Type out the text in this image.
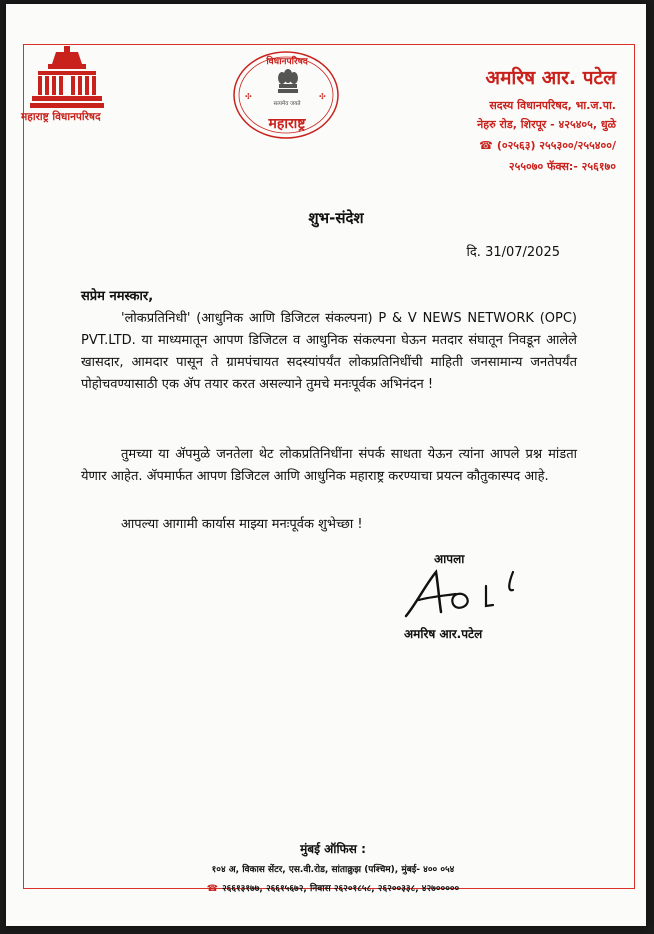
महाराष्ट्र विधानपरिषद
✣	✣
विधानपरिषद
सत्यमेव जयते
महाराष्ट्र
अमरिष आर. पटेल
सदस्य विधानपरिषद, भा.ज.पा.
नेहरु रोड, शिरपूर - ४२५४०५, धुळे
☎ (०२५६३) २५५३००/२५५४००/
२५५०७० फॅक्स:- २५६१७०
शुभ-संदेश
दि. 31/07/2025
सप्रेम नमस्कार,
'लोकप्रतिनिधी' (आधुनिक आणि डिजिटल संकल्पना) P & V NEWS NETWORK (OPC) PVT.LTD. या माध्यमातून आपण डिजिटल व आधुनिक संकल्पना घेऊन मतदार संघातून निवडून आलेले खासदार, आमदार पासून ते ग्रामपंचायत सदस्यांपर्यंत लोकप्रतिनिधींची माहिती जनसामान्य जनतेपर्यंत पोहोचवण्यासाठी एक ॲप तयार करत असल्याने तुमचे मनःपूर्वक अभिनंदन !
तुमच्या या ॲपमुळे जनतेला थेट लोकप्रतिनिधींना संपर्क साधता येऊन त्यांना आपले प्रश्न मांडता येणार आहेत. ॲपमार्फत आपण डिजिटल आणि आधुनिक महाराष्ट्र करण्याचा प्रयत्न कौतुकास्पद आहे.
आपल्या आगामी कार्यास माझ्या मनःपूर्वक शुभेच्छा !
आपला
अमरिष आर.पटेल
मुंबई ऑफिस :
१०४ अ, विकास सेंटर, एस.वी.रोड, सांताक्रुझ (पश्चिम), मुंबई- ४०० ०५४
☎ २६६१३१७७, २६६१५६७२, निवास २६२०१८५८, २६२००३३८, ४२७०००००
